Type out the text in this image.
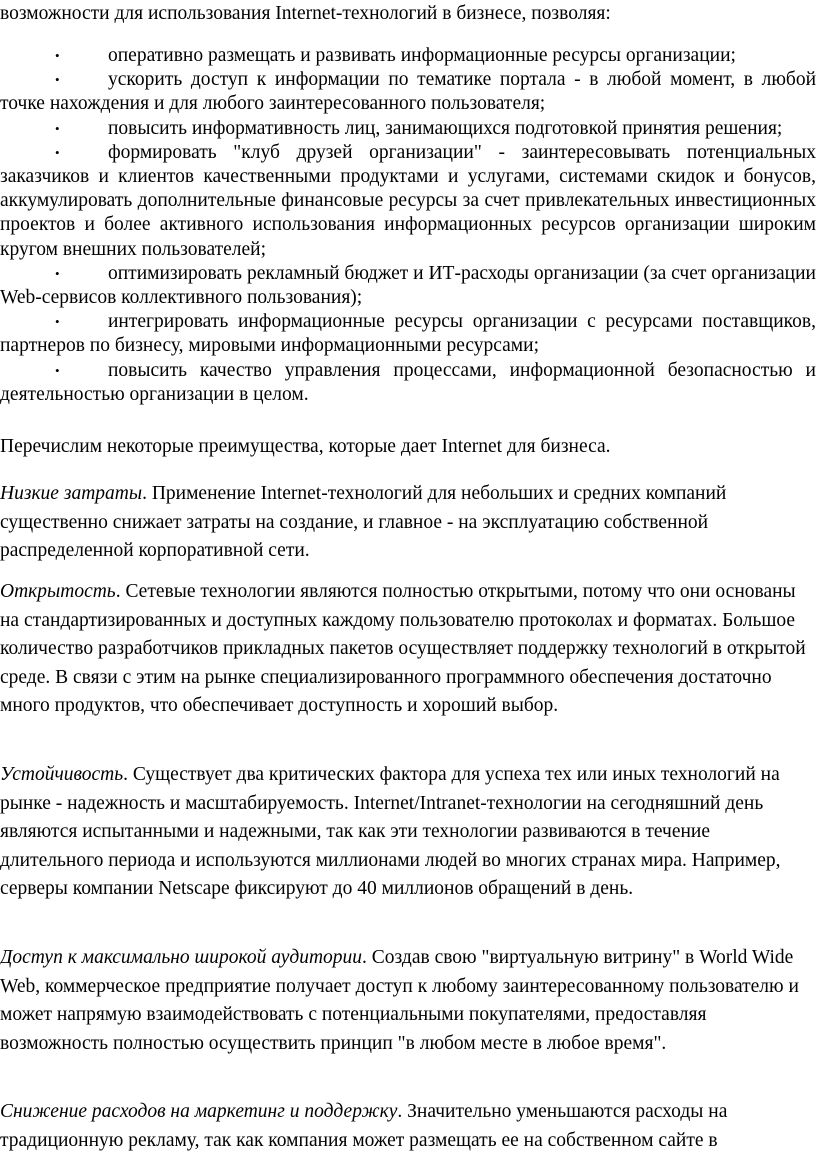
возможности для использования Internet-технологий в бизнесе, позволяя:

• оперативно размещать и развивать информационные ресурсы организации;
• ускорить доступ к информации по тематике портала - в любой момент, в любой точке нахождения и для любого заинтересованного пользователя;
• повысить информативность лиц, занимающихся подготовкой принятия решения;
• формировать "клуб друзей организации" - заинтересовывать потенциальных заказчиков и клиентов качественными продуктами и услугами, системами скидок и бонусов, аккумулировать дополнительные финансовые ресурсы за счет привлекательных инвестиционных проектов и более активного использования информационных ресурсов организации широким кругом внешних пользователей;
• оптимизировать рекламный бюджет и ИТ-расходы организации (за счет организации Web-сервисов коллективного пользования);
• интегрировать информационные ресурсы организации с ресурсами поставщиков, партнеров по бизнесу, мировыми информационными ресурсами;
• повысить качество управления процессами, информационной безопасностью и деятельностью организации в целом.

Перечислим некоторые преимущества, которые дает Internet для бизнеса.

Низкие затраты. Применение Internet-технологий для небольших и средних компаний существенно снижает затраты на создание, и главное - на эксплуатацию собственной распределенной корпоративной сети.

Открытость. Сетевые технологии являются полностью открытыми, потому что они основаны на стандартизированных и доступных каждому пользователю протоколах и форматах. Большое количество разработчиков прикладных пакетов осуществляет поддержку технологий в открытой среде. В связи с этим на рынке специализированного программного обеспечения достаточно много продуктов, что обеспечивает доступность и хороший выбор.

Устойчивость. Существует два критических фактора для успеха тех или иных технологий на рынке - надежность и масштабируемость. Internet/Intranet-технологии на сегодняшний день являются испытанными и надежными, так как эти технологии развиваются в течение длительного периода и используются миллионами людей во многих странах мира. Например, серверы компании Netscape фиксируют до 40 миллионов обращений в день.

Доступ к максимально широкой аудитории. Создав свою "виртуальную витрину" в World Wide Web, коммерческое предприятие получает доступ к любому заинтересованному пользователю и может напрямую взаимодействовать с потенциальными покупателями, предоставляя возможность полностью осуществить принцип "в любом месте в любое время".

Снижение расходов на маркетинг и поддержку. Значительно уменьшаются расходы на традиционную рекламу, так как компания может размещать ее на собственном сайте в
